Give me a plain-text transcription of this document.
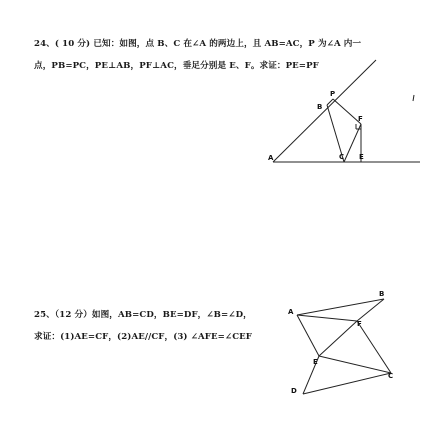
24、( 10 分) 已知：如图，点 B、C 在∠A 的两边上，且 AB=AC，P 为∠A 内一
点，PB=PC，PE⊥AB，PF⊥AC，垂足分别是 E、F。求证：PE=PF
A
B
P
F
C E
25、（12 分）如图，AB=CD，BE=DF，∠B=∠D，
求证：(1)AE=CF，(2)AE//CF，(3) ∠AFE=∠CEF
A
B
F
E
C
D
